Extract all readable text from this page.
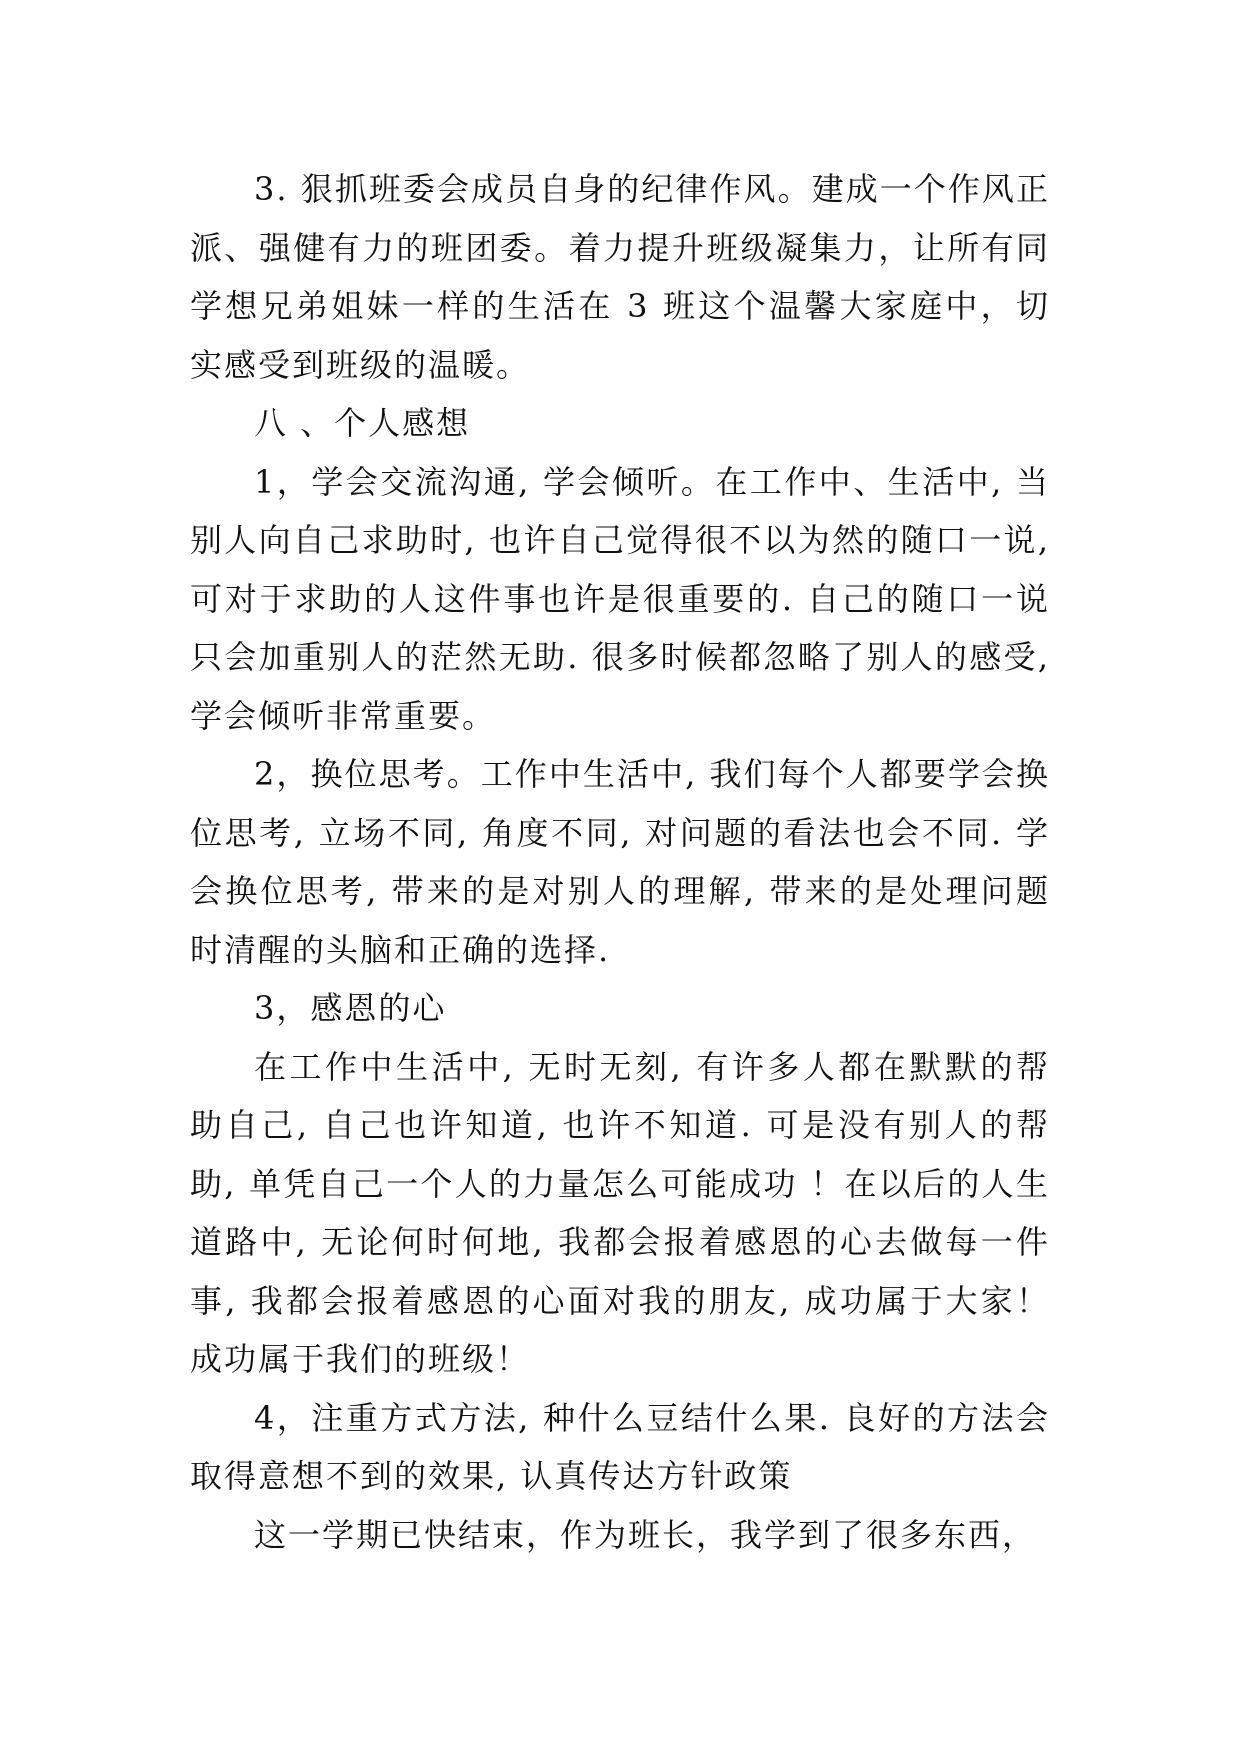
3. 狠抓班委会成员自身的纪律作风。建成一个作风正派、强健有力的班团委。着力提升班级凝集力，让所有同学想兄弟姐妹一样的生活在 3 班这个温馨大家庭中，切实感受到班级的温暖。

八 、个人感想

1，学会交流沟通, 学会倾听。在工作中、生活中, 当别人向自己求助时, 也许自己觉得很不以为然的随口一说, 可对于求助的人这件事也许是很重要的. 自己的随口一说只会加重别人的茫然无助. 很多时候都忽略了别人的感受, 学会倾听非常重要。

2，换位思考。工作中生活中, 我们每个人都要学会换位思考, 立场不同, 角度不同, 对问题的看法也会不同. 学会换位思考, 带来的是对别人的理解, 带来的是处理问题时清醒的头脑和正确的选择.

3，感恩的心

在工作中生活中, 无时无刻, 有许多人都在默默的帮助自己, 自己也许知道, 也许不知道. 可是没有别人的帮助, 单凭自己一个人的力量怎么可能成功 ！在以后的人生道路中, 无论何时何地, 我都会报着感恩的心去做每一件事, 我都会报着感恩的心面对我的朋友, 成功属于大家！成功属于我们的班级！

4，注重方式方法, 种什么豆结什么果. 良好的方法会取得意想不到的效果, 认真传达方针政策

这一学期已快结束，作为班长，我学到了很多东西，
